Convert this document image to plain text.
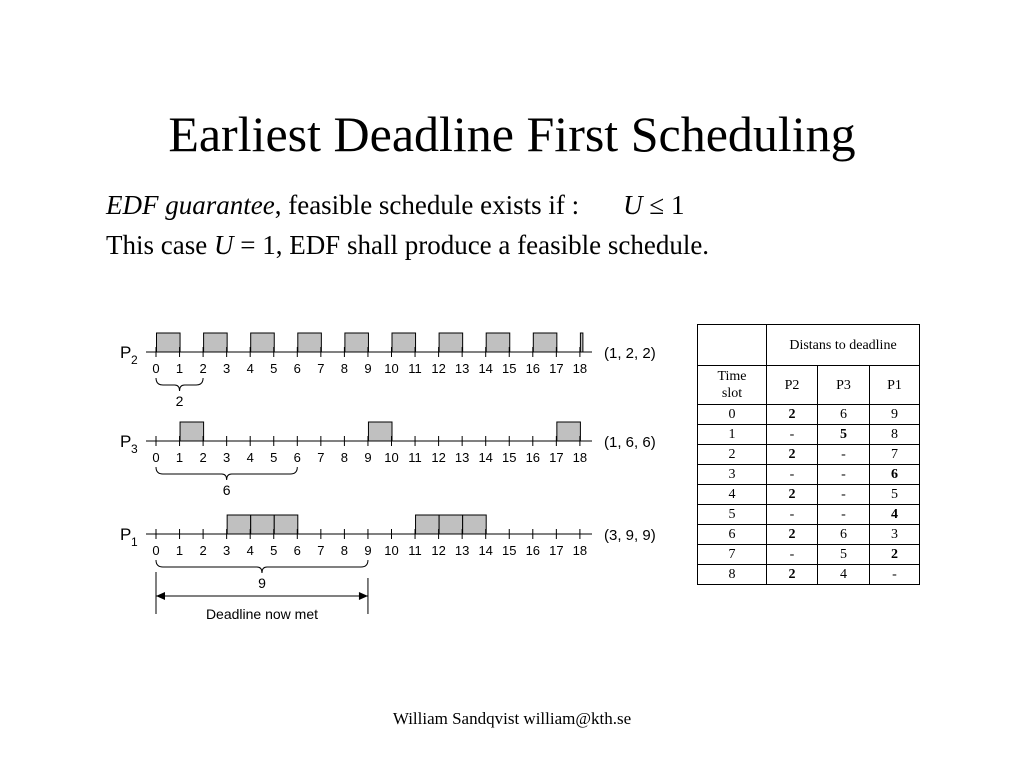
Earliest Deadline First Scheduling
EDF guarantee, feasible schedule exists if : U ≤ 1
This case U = 1, EDF shall produce a feasible schedule.
0 1 2 3 4 5 6 7 8 9 10 11 12 13 14 15 16 17 18
P 2	(1, 2, 2)
2
0 1 2 3 4 5 6 7 8 9 10 11 12 13 14 15 16 17 18
P 3	(1, 6, 6)
6
0 1 2 3 4 5 6 7 8 9 10 11 12 13 14 15 16 17 18
P 1	(3, 9, 9)
9
Deadline now met
	Distans to deadline		
Time slot	P2	P3	P1
0	2	6	9
1	-	5	8
2	2	-	7
3	-	-	6
4	2	-	5
5	-	-	4
6	2	6	3
7	-	5	2
8	2	4	-
William Sandqvist william@kth.se
